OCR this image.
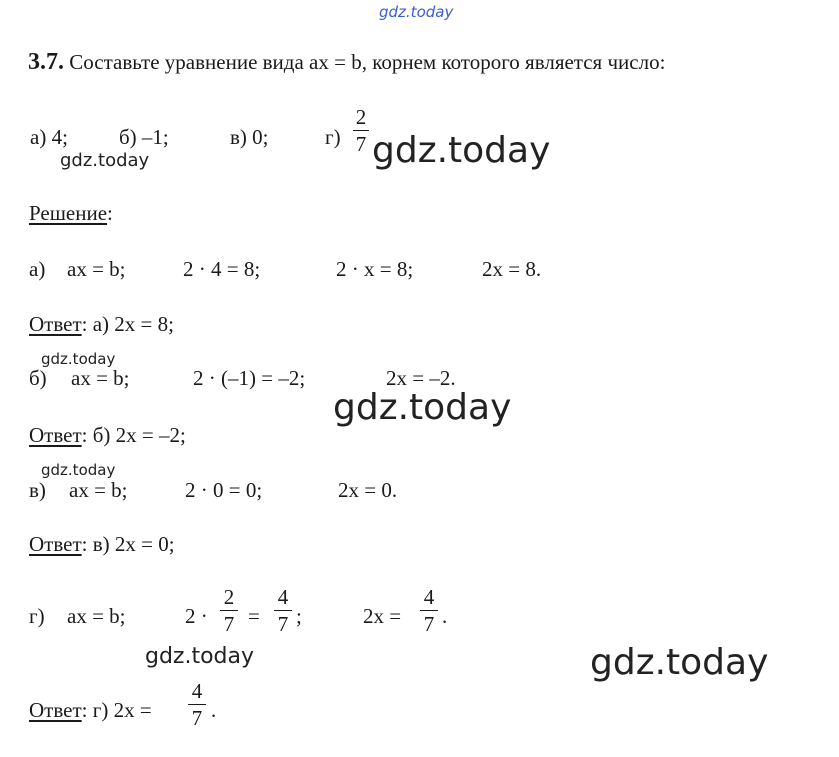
gdz.today
gdz.today	gdz.today
gdz.today
gdz.today
gdz.today
gdz.today	gdz.today
3.7. Составьте уравнение вида ax = b, корнем которого является число:
а) 4; б) –1;	в) 0;	г)
2
7
Решение:
а) ax = b;	2 · 4 = 8;	2 · x = 8;	2x = 8.
Ответ: а) 2x = 8;
б) ax = b;	2 · (–1) = –2;	2x = –2.
Ответ: б) 2x = –2;
в) ax = b;	2 · 0 = 0;	2x = 0.
Ответ: в) 2x = 0;
г) ax = b;	2 ·
2
7 =
4
7 ;	2x =
4
7 .
Ответ: г) 2x =
4
7 .
